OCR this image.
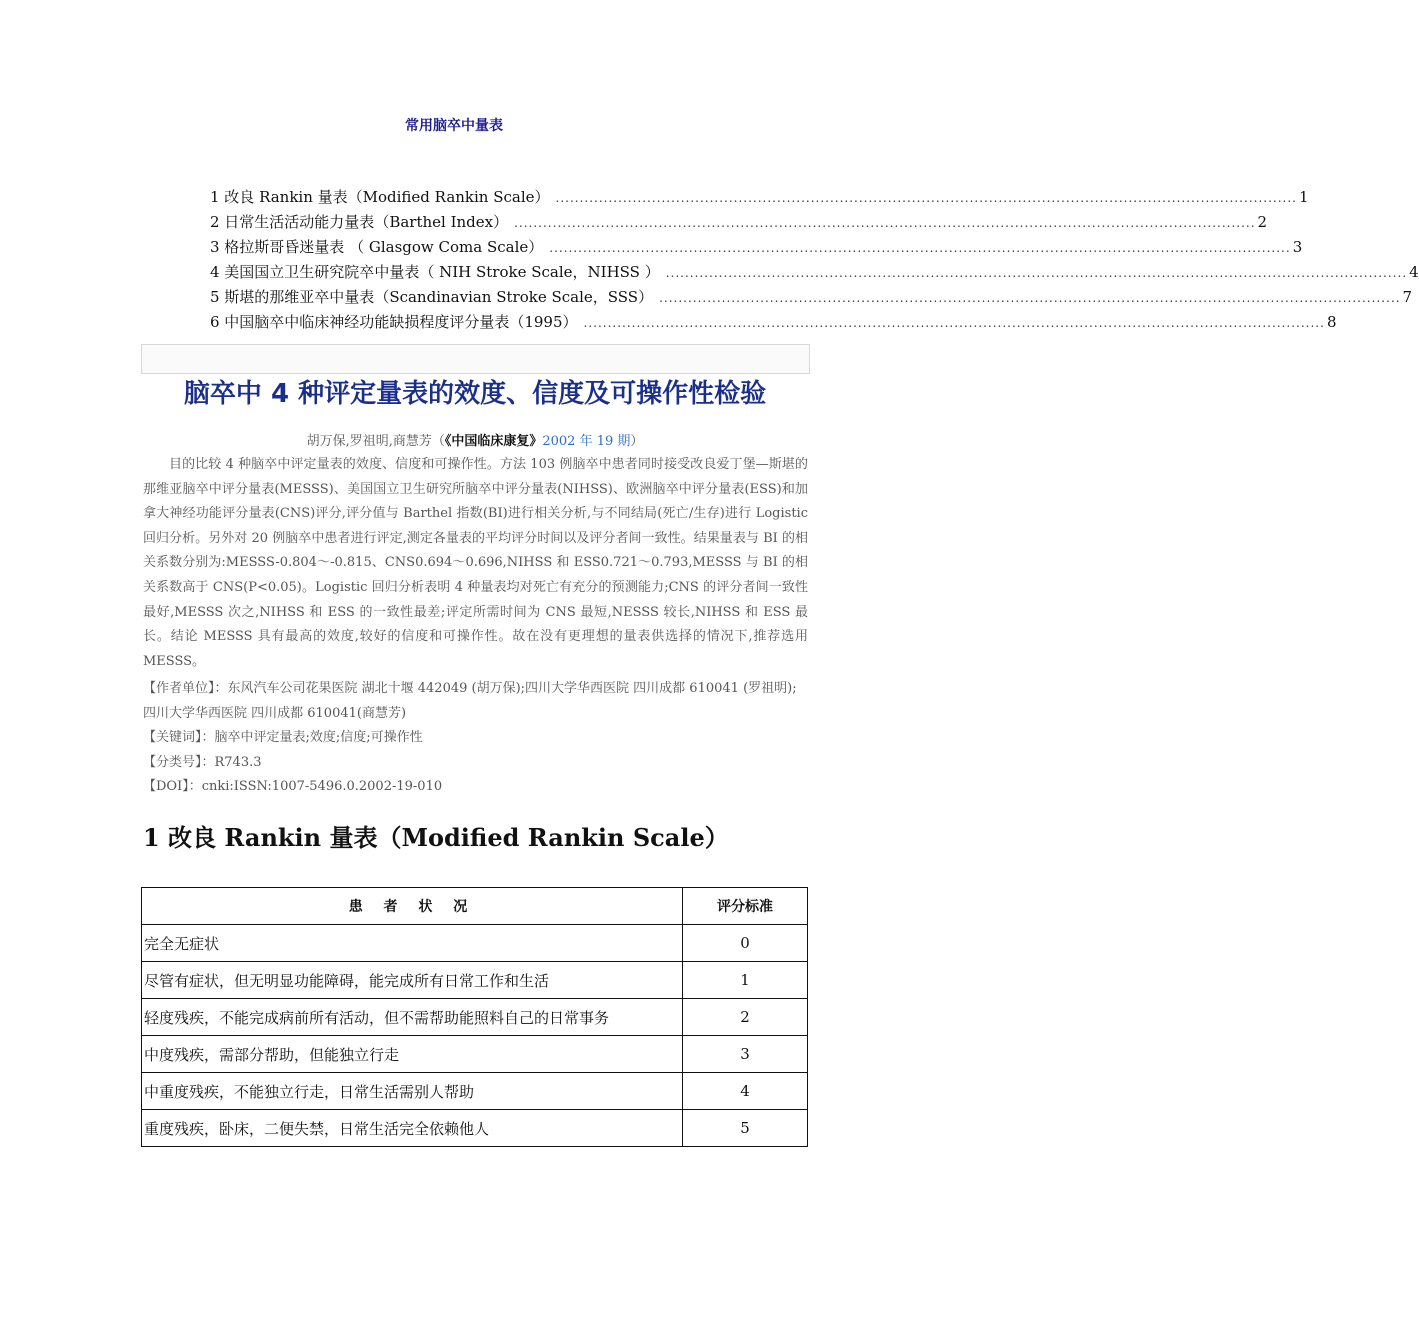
常用脑卒中量表
1 改良 Rankin 量表（Modified Rankin Scale） .......................................................................................................................................................... 1
2 日常生活活动能力量表（Barthel Index） .......................................................................................................................................................... 2
3 格拉斯哥昏迷量表 （ Glasgow Coma Scale） .......................................................................................................................................................... 3
4 美国国立卫生研究院卒中量表（ NIH Stroke Scale，NIHSS ） .......................................................................................................................................................... 4
5 斯堪的那维亚卒中量表（Scandinavian Stroke Scale，SSS） .......................................................................................................................................................... 7
6 中国脑卒中临床神经功能缺损程度评分量表（1995） .......................................................................................................................................................... 8
脑卒中 4 种评定量表的效度、信度及可操作性检验
胡万保,罗祖明,商慧芳（《中国临床康复》2002 年 19 期）

目的比较 4 种脑卒中评定量表的效度、信度和可操作性。方法 103 例脑卒中患者同时接受改良爱丁堡—斯堪的那维亚脑卒中评分量表(MESSS)、美国国立卫生研究所脑卒中评分量表(NIHSS)、欧洲脑卒中评分量表(ESS)和加拿大神经功能评分量表(CNS)评分,评分值与 Barthel 指数(BI)进行相关分析,与不同结局(死亡/生存)进行 Logistic 回归分析。另外对 20 例脑卒中患者进行评定,测定各量表的平均评分时间以及评分者间一致性。结果量表与 BI 的相关系数分别为:MESSS-0.804～-0.815、CNS0.694～0.696,NIHSS 和 ESS0.721～0.793,MESSS 与 BI 的相关系数高于 CNS(P<0.05)。Logistic 回归分析表明 4 种量表均对死亡有充分的预测能力;CNS 的评分者间一致性最好,MESSS 次之,NIHSS 和 ESS 的一致性最差;评定所需时间为 CNS 最短,NESSS 较长,NIHSS 和 ESS 最长。结论 MESSS 具有最高的效度,较好的信度和可操作性。故在没有更理想的量表供选择的情况下,推荐选用 MESSS。

【作者单位】：东风汽车公司花果医院 湖北十堰 442049 (胡万保);四川大学华西医院 四川成都 610041 (罗祖明);四川大学华西医院 四川成都 610041(商慧芳)
【关键词】：脑卒中评定量表;效度;信度;可操作性
【分类号】：R743.3
【DOI】：cnki:ISSN:1007-5496.0.2002-19-010
1 改良 Rankin 量表（Modified Rankin Scale）
患 者 状 况	评分标准
完全无症状	0
尽管有症状，但无明显功能障碍，能完成所有日常工作和生活	1
轻度残疾，不能完成病前所有活动，但不需帮助能照料自己的日常事务	2
中度残疾，需部分帮助，但能独立行走	3
中重度残疾，不能独立行走，日常生活需别人帮助	4
重度残疾，卧床，二便失禁，日常生活完全依赖他人	5
